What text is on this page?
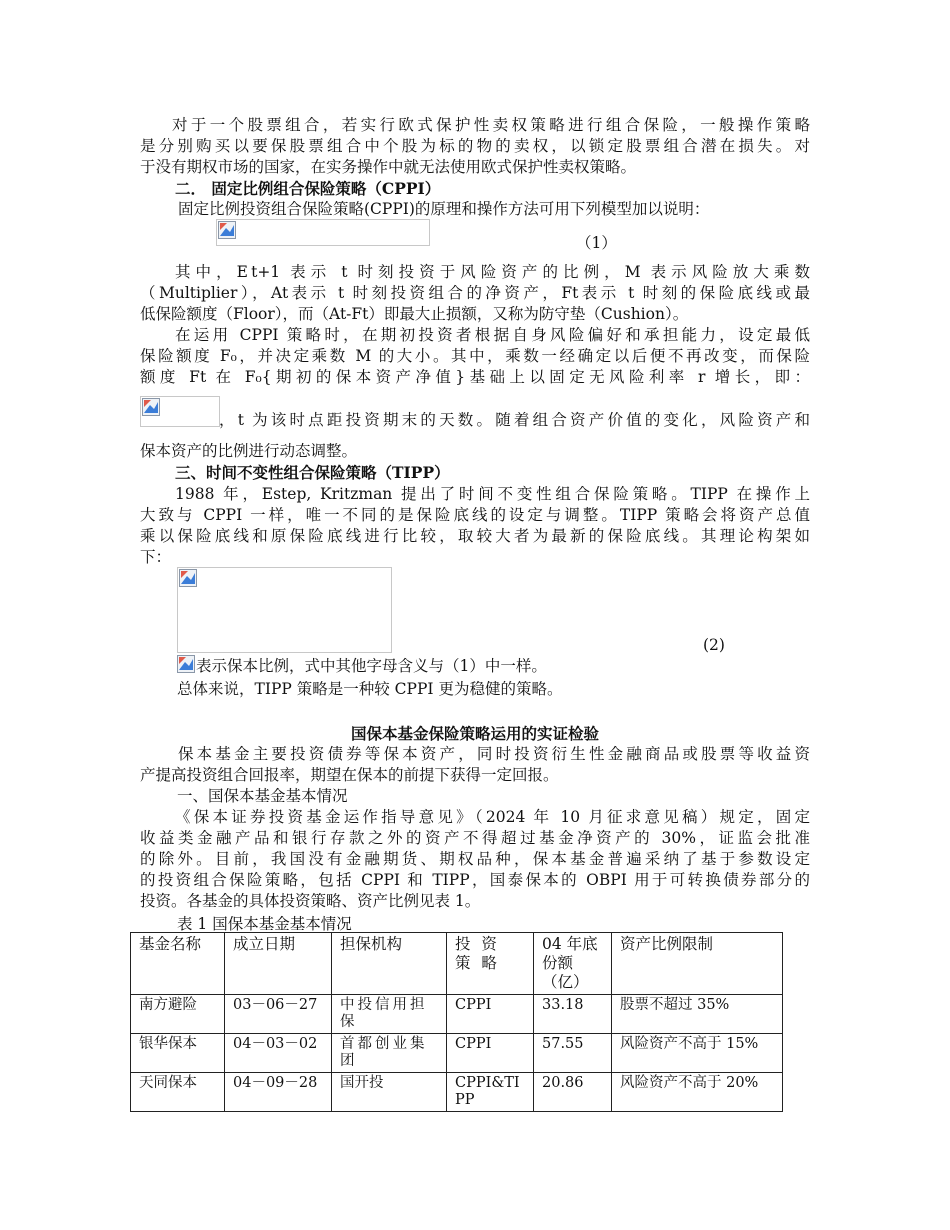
对于一个股票组合，若实行欧式保护性卖权策略进行组合保险，一般操作策略
是分别购买以要保股票组合中个股为标的物的卖权，以锁定股票组合潜在损失。对
于没有期权市场的国家，在实务操作中就无法使用欧式保护性卖权策略。
二． 固定比例组合保险策略（CPPI）
固定比例投资组合保险策略(CPPI)的原理和操作方法可用下列模型加以说明：
（1）
其中，E t+1 表示 t 时刻投资于风险资产的比例，M 表示风险放大乘数
（Multiplier），At表示 t 时刻投资组合的净资产，Ft表示 t 时刻的保险底线或最
低保险额度（Floor），而（At-Ft）即最大止损额，又称为防守垫（Cushion）。
在运用 CPPI 策略时，在期初投资者根据自身风险偏好和承担能力，设定最低
保险额度 F₀，并决定乘数 M 的大小。其中，乘数一经确定以后便不再改变，而保险
额度 Ft 在 F₀{期初的保本资产净值}基础上以固定无风险利率 r 增长，即：
，t 为该时点距投资期末的天数。随着组合资产价值的变化，风险资产和
保本资产的比例进行动态调整。
三、时间不变性组合保险策略（TIPP）
1988 年，Estep, Kritzman 提出了时间不变性组合保险策略。TIPP 在操作上
大致与 CPPI 一样，唯一不同的是保险底线的设定与调整。TIPP 策略会将资产总值
乘以保险底线和原保险底线进行比较，取较大者为最新的保险底线。其理论构架如
下：
(2)
表示保本比例，式中其他字母含义与（1）中一样。
总体来说，TIPP 策略是一种较 CPPI 更为稳健的策略。
国保本基金保险策略运用的实证检验
保本基金主要投资债券等保本资产，同时投资衍生性金融商品或股票等收益资
产提高投资组合回报率，期望在保本的前提下获得一定回报。
一、国保本基金基本情况
《保本证券投资基金运作指导意见》（2024 年 10 月征求意见稿）规定，固定
收益类金融产品和银行存款之外的资产不得超过基金净资产的 30%，证监会批准
的除外。目前，我国没有金融期货、期权品种，保本基金普遍采纳了基于参数设定
的投资组合保险策略，包括 CPPI 和 TIPP，国泰保本的 OBPI 用于可转换债券部分的
投资。各基金的具体投资策略、资产比例见表 1。
表 1 国保本基金基本情况
基金名称	成立日期	担保机构	投 资 策 略	04 年底份额（亿）	资产比例限制
南方避险	03－06－27	中投信用担保	CPPI	33.18	股票不超过 35%
银华保本	04－03－02	首都创业集团	CPPI	57.55	风险资产不高于 15%
天同保本	04－09－28	国开投	CPPI&TIPP	20.86	风险资产不高于 20%
